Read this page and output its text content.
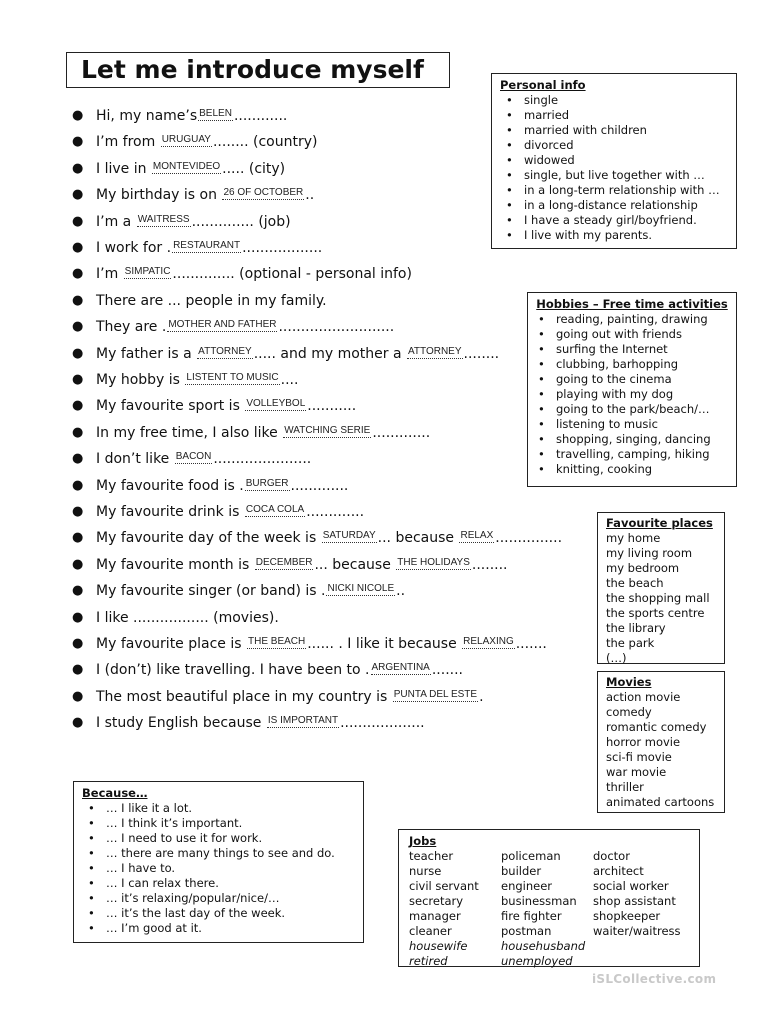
Let me introduce myself
● Hi, my name’s BELEN ............
● I’m from URUGUAY ........ (country)
● I live in MONTEVIDEO ..... (city)
● My birthday is on 26 OF OCTOBER ..
● I’m a WAITRESS .............. (job)
● I work for . RESTAURANT ..................
● I’m SIMPATIC .............. (optional - personal info)
● There are ... people in my family.
● They are . MOTHER AND FATHER ..........................
● My father is a ATTORNEY ..... and my mother a ATTORNEY ........
● My hobby is LISTENT TO MUSIC ....
● My favourite sport is VOLLEYBOL ...........
● In my free time, I also like WATCHING SERIE .............
● I don’t like BACON ......................
● My favourite food is . BURGER .............
● My favourite drink is COCA COLA .............
● My favourite day of the week is SATURDAY ... because RELAX ...............
● My favourite month is DECEMBER ... because THE HOLIDAYS ........
● My favourite singer (or band) is . NICKI NICOLE ..
● I like ................. (movies).
● My favourite place is THE BEACH ...... . I like it because RELAXING .......
● I (don’t) like travelling. I have been to . ARGENTINA .......
● The most beautiful place in my country is PUNTA DEL ESTE .
● I study English because IS IMPORTANT ...................
Personal info
• single
• married
• married with children
• divorced
• widowed
• single, but live together with …
• in a long-term relationship with …
• in a long-distance relationship
• I have a steady girl/boyfriend.
• I live with my parents.
Hobbies – Free time activities
• reading, painting, drawing
• going out with friends
• surfing the Internet
• clubbing, barhopping
• going to the cinema
• playing with my dog
• going to the park/beach/…
• listening to music
• shopping, singing, dancing
• travelling, camping, hiking
• knitting, cooking
Favourite places
my home
my living room
my bedroom
the beach
the shopping mall
the sports centre
the library
the park
(…)
Movies
action movie
comedy
romantic comedy
horror movie
sci-fi movie
war movie
thriller
animated cartoons
Because…
• … I like it a lot.
• … I think it’s important.
• … I need to use it for work.
• … there are many things to see and do.
• … I have to.
• … I can relax there.
• … it’s relaxing/popular/nice/…
• … it’s the last day of the week.
• … I’m good at it.
Jobs
teacher
nurse
civil servant
secretary
manager
cleaner
housewife
retired
policeman
builder
engineer
businessman
fire fighter
postman
househusband
unemployed
doctor
architect
social worker
shop assistant
shopkeeper
waiter/waitress
iSLCollective.com
